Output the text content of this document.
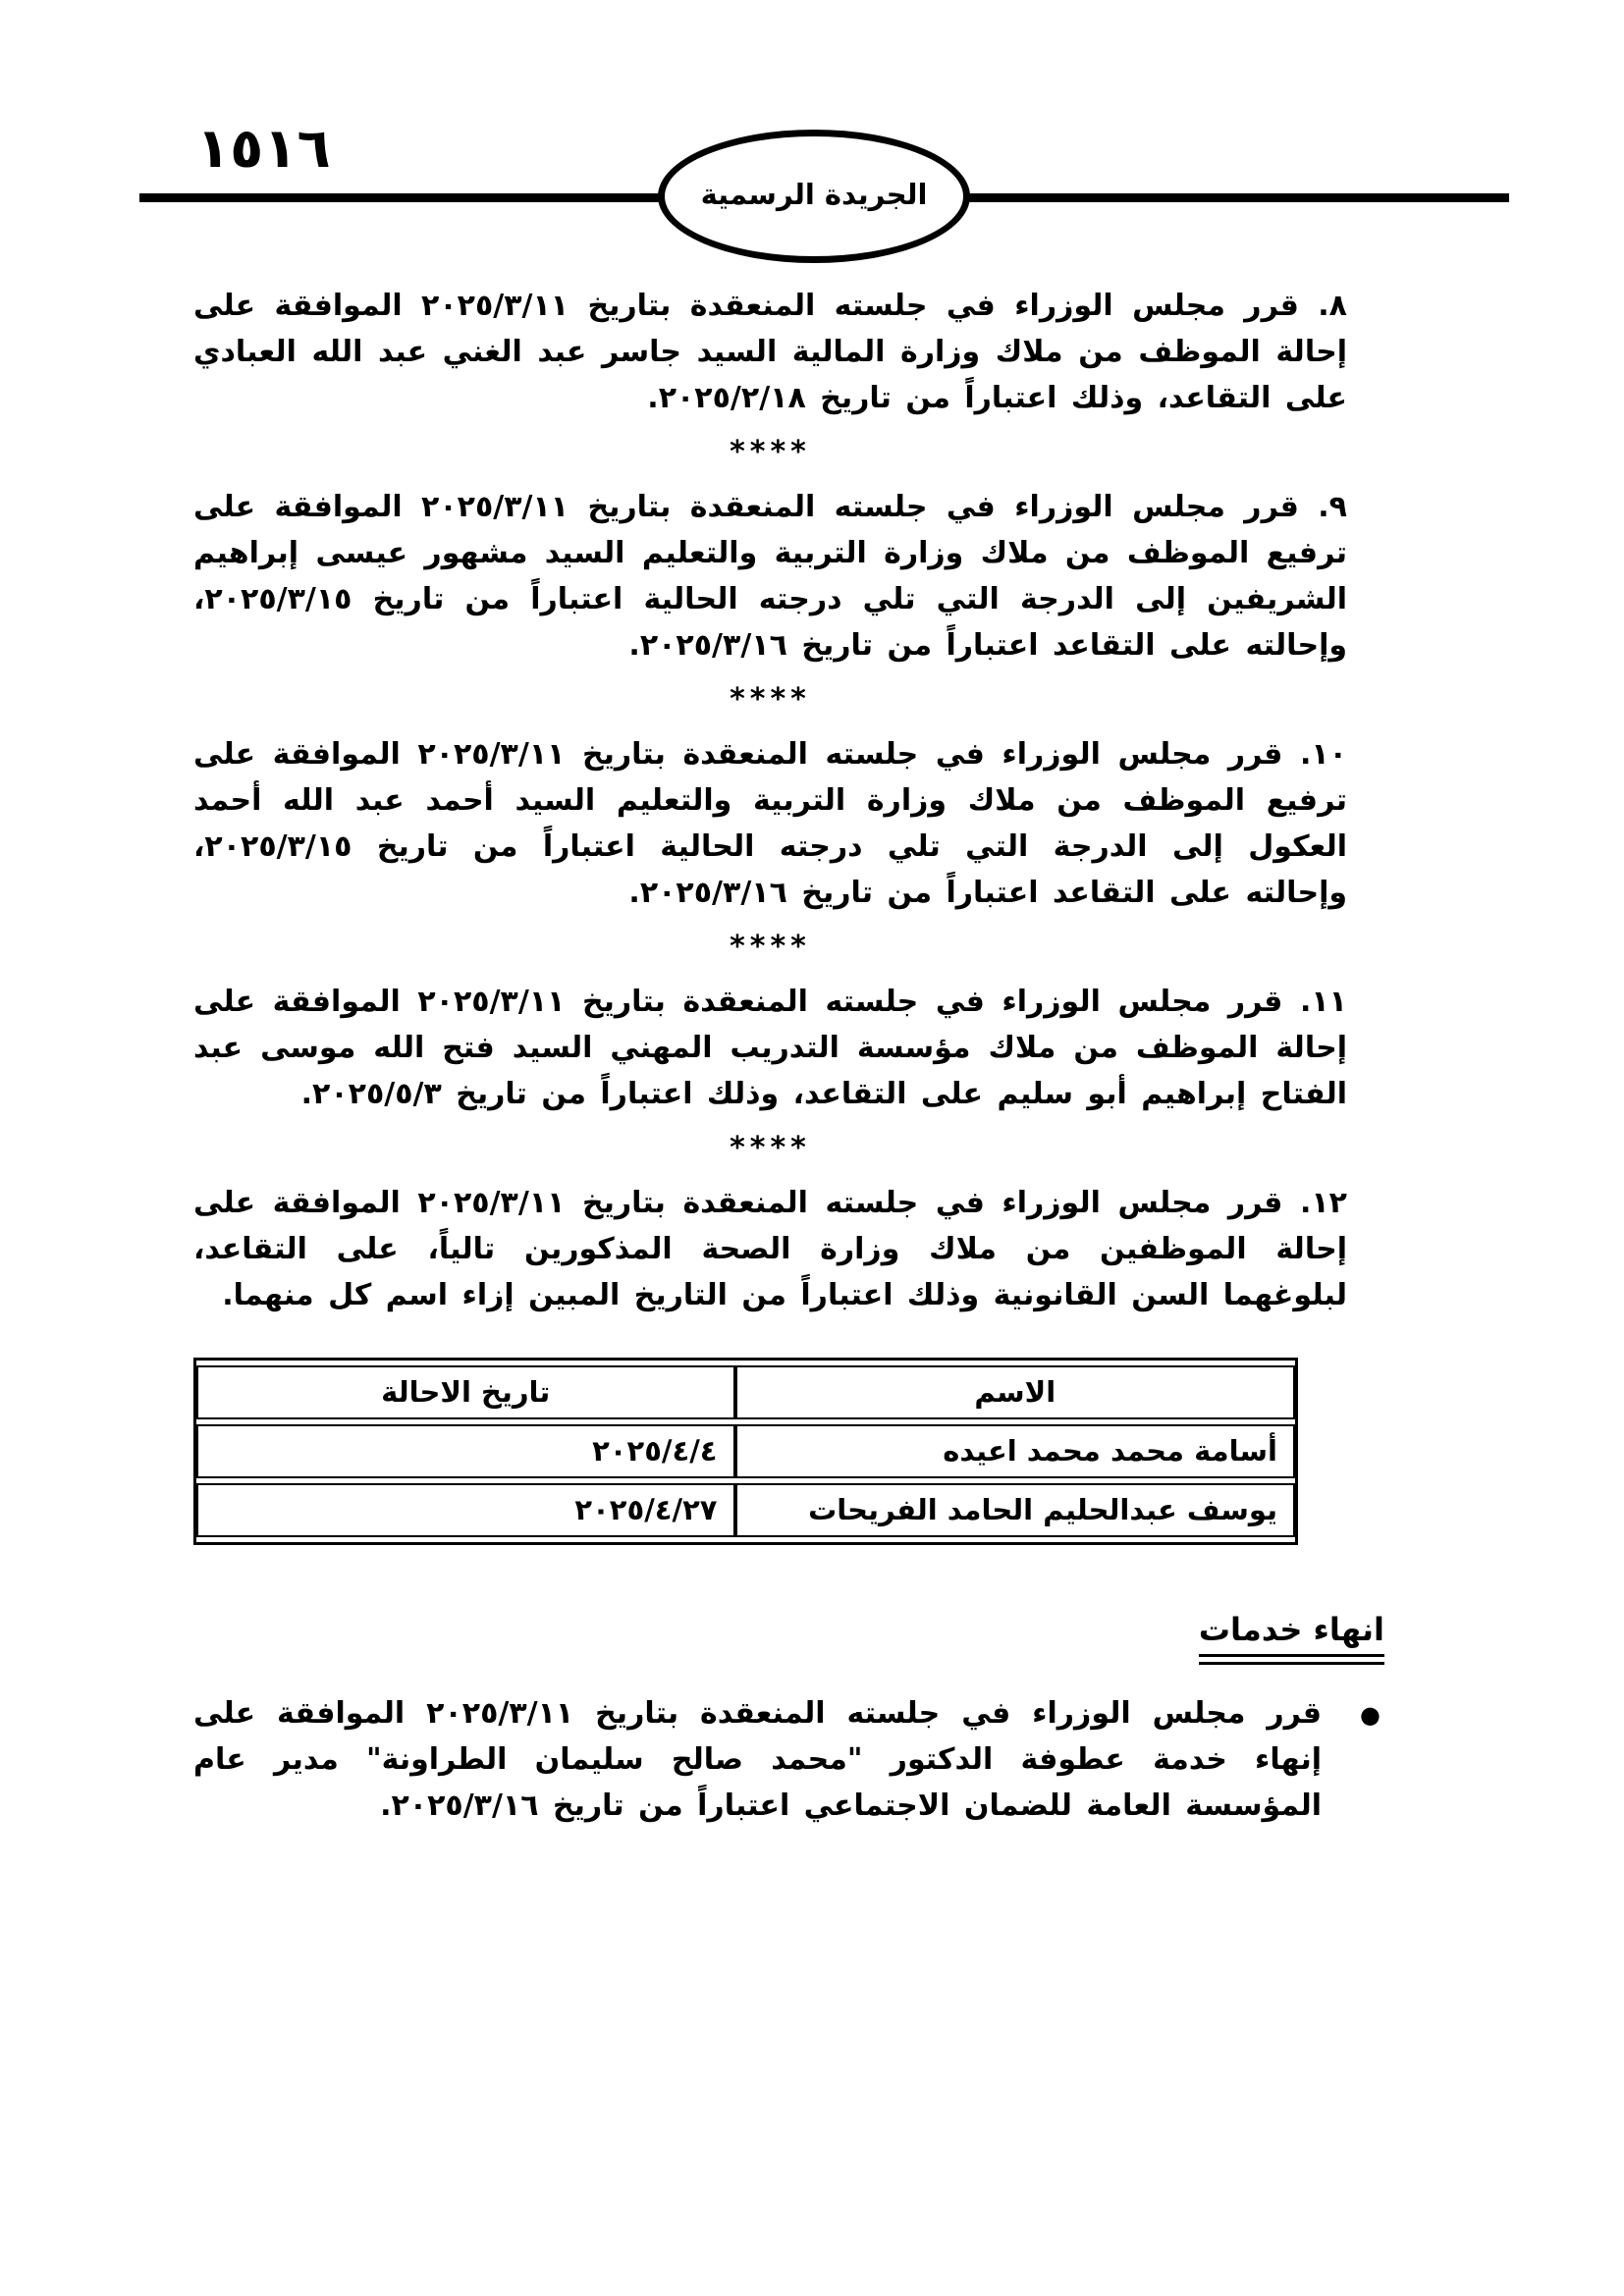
١٥١٦
الجريدة الرسمية

٨. قرر مجلس الوزراء في جلسته المنعقدة بتاريخ ٢٠٢٥/٣/١١ الموافقة على إحالة الموظف من ملاك وزارة المالية السيد جاسر عبد الغني عبد الله العبادي على التقاعد، وذلك اعتباراً من تاريخ ٢٠٢٥/٢/١٨.

****

٩. قرر مجلس الوزراء في جلسته المنعقدة بتاريخ ٢٠٢٥/٣/١١ الموافقة على ترفيع الموظف من ملاك وزارة التربية والتعليم السيد مشهور عيسى إبراهيم الشريفين إلى الدرجة التي تلي درجته الحالية اعتباراً من تاريخ ٢٠٢٥/٣/١٥، وإحالته على التقاعد اعتباراً من تاريخ ٢٠٢٥/٣/١٦.

****

١٠. قرر مجلس الوزراء في جلسته المنعقدة بتاريخ ٢٠٢٥/٣/١١ الموافقة على ترفيع الموظف من ملاك وزارة التربية والتعليم السيد أحمد عبد الله أحمد العكول إلى الدرجة التي تلي درجته الحالية اعتباراً من تاريخ ٢٠٢٥/٣/١٥، وإحالته على التقاعد اعتباراً من تاريخ ٢٠٢٥/٣/١٦.

****

١١. قرر مجلس الوزراء في جلسته المنعقدة بتاريخ ٢٠٢٥/٣/١١ الموافقة على إحالة الموظف من ملاك مؤسسة التدريب المهني السيد فتح الله موسى عبد الفتاح إبراهيم أبو سليم على التقاعد، وذلك اعتباراً من تاريخ ٢٠٢٥/٥/٣.

****

١٢. قرر مجلس الوزراء في جلسته المنعقدة بتاريخ ٢٠٢٥/٣/١١ الموافقة على إحالة الموظفين من ملاك وزارة الصحة المذكورين تالياً، على التقاعد، لبلوغهما السن القانونية وذلك اعتباراً من التاريخ المبين إزاء اسم كل منهما.

الاسم	تاريخ الاحالة
أسامة محمد محمد اعيده	٢٠٢٥/٤/٤
يوسف عبدالحليم الحامد الفريحات	٢٠٢٥/٤/٢٧
انهاء خدمات

●
قرر مجلس الوزراء في جلسته المنعقدة بتاريخ ٢٠٢٥/٣/١١ الموافقة على إنهاء خدمة عطوفة الدكتور "محمد صالح سليمان الطراونة" مدير عام المؤسسة العامة للضمان الاجتماعي اعتباراً من تاريخ ٢٠٢٥/٣/١٦.
